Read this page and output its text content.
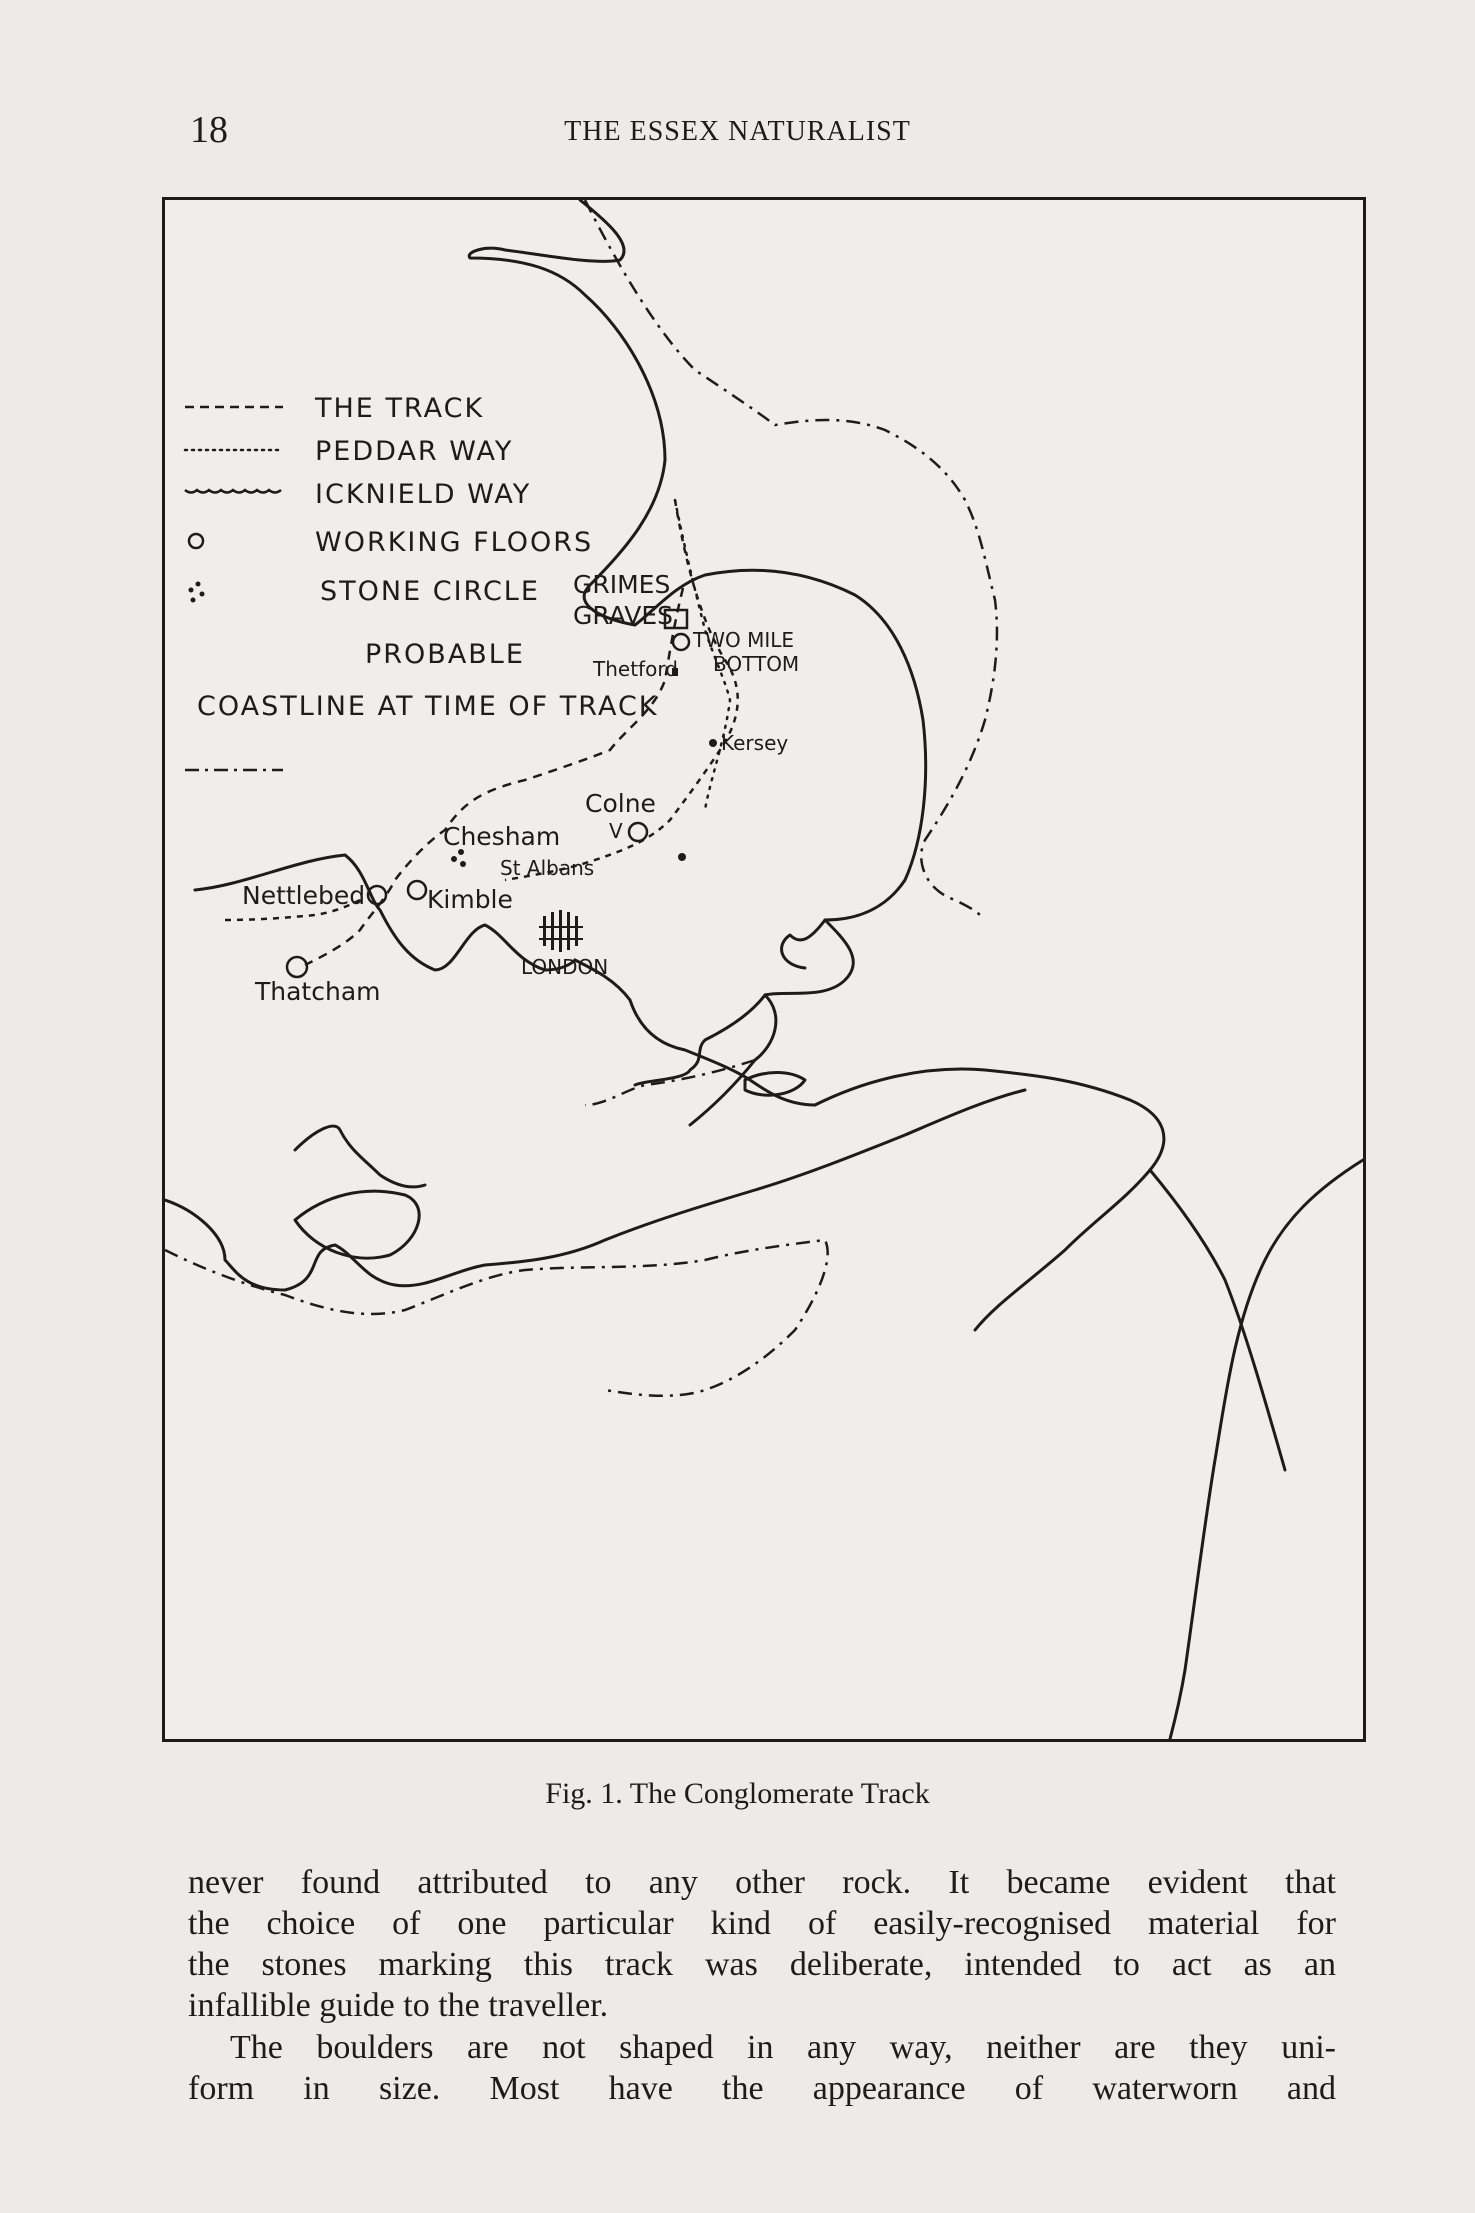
18	THE ESSEX NATURALIST
THE TRACK
PEDDAR WAY
ICKNIELD WAY
WORKING FLOORS
STONE CIRCLE
PROBABLE
COASTLINE AT TIME OF TRACK
GRIMES
GRAVES
TWO MILE
BOTTOM
Thetford
Kersey
Colne
V
Chesham
St Albans
Kimble
Nettlebed
LONDON
Thatcham
Fig. 1. The Conglomerate Track
never found attributed to any other rock. It became evident that
the choice of one particular kind of easily-recognised material for
the stones marking this track was deliberate, intended to act as an
infallible guide to the traveller.
The boulders are not shaped in any way, neither are they uni-
form in size. Most have the appearance of waterworn and
